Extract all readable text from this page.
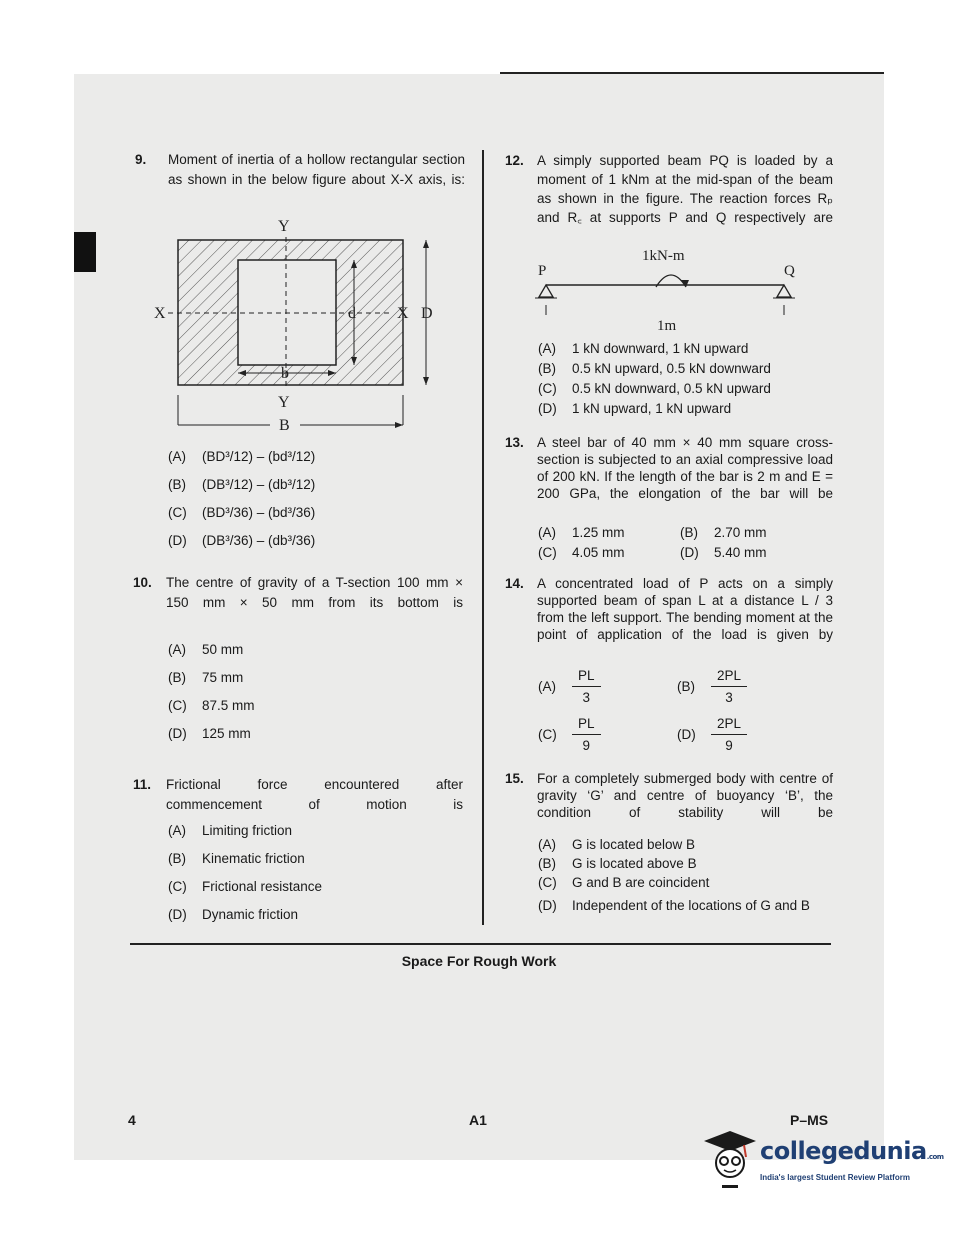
9. Moment of inertia of a hollow rectangular section as shown in the below figure about X-X axis, is:
Y
Y
X	X
d	D
b
B
(A) (BD³/12) – (bd³/12)
(B) (DB³/12) – (db³/12)
(C) (BD³/36) – (bd³/36)
(D) (DB³/36) – (db³/36)
10. The centre of gravity of a T-section 100 mm × 150 mm × 50 mm from its bottom is
(A) 50 mm
(B) 75 mm
(C) 87.5 mm
(D) 125 mm
11. Frictional force encountered after commencement of motion is
(A) Limiting friction
(B) Kinematic friction
(C) Frictional resistance
(D) Dynamic friction
12. A simply supported beam PQ is loaded by a moment of 1 kNm at the mid-span of the beam as shown in the figure. The reaction forces Rₚ and R꜀ at supports P and Q respectively are
1kN-m
P	Q
1m
(A) 1 kN downward, 1 kN upward
(B) 0.5 kN upward, 0.5 kN downward
(C) 0.5 kN downward, 0.5 kN upward
(D) 1 kN upward, 1 kN upward
13. A steel bar of 40 mm × 40 mm square cross-section is subjected to an axial compressive load of 200 kN. If the length of the bar is 2 m and E = 200 GPa, the elongation of the bar will be
(A) 1.25 mm	(B) 2.70 mm
(C) 4.05 mm	(D) 5.40 mm
14. A concentrated load of P acts on a simply supported beam of span L at a distance L / 3 from the left support. The bending moment at the point of application of the load is given by
$(A) \frac{PL}{3}$	$(B) \frac{2PL}{3}$
$(C) \frac{PL}{9}$	$(D) \frac{2PL}{9}$
15. For a completely submerged body with centre of gravity ‘G’ and centre of buoyancy ‘B’, the condition of stability will be
(A) G is located below B
(B) G is located above B
(C) G and B are coincident
(D) Independent of the locations of G and B
Space For Rough Work
4	A1	P–MS
collegedunia.com
India's largest Student Review Platform
